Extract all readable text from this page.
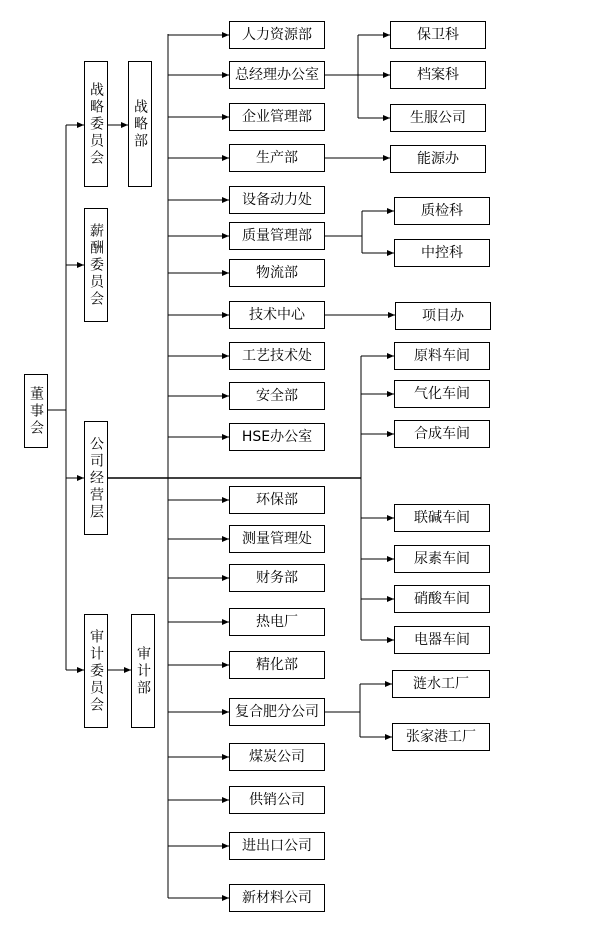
董事会
战略委员会
薪酬委员会
公司经营层
审计委员会
战略部
审计部
人力资源部
总经理办公室
企业管理部
生产部
设备动力处
质量管理部
物流部
技术中心
工艺技术处
安全部
HSE办公室
环保部
测量管理处
财务部
热电厂
精化部
复合肥分公司
煤炭公司
供销公司
进出口公司
新材料公司
保卫科
档案科
生服公司
能源办
质检科
中控科
项目办
原料车间
气化车间
合成车间
联碱车间
尿素车间
硝酸车间
电器车间
涟水工厂
张家港工厂
